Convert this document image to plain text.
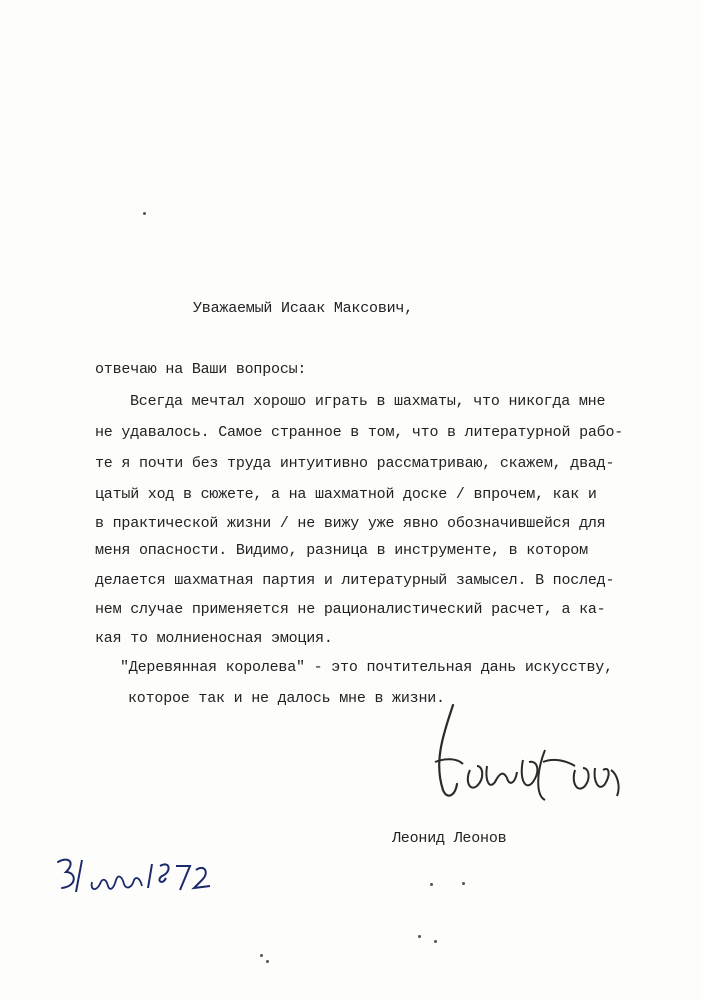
Уважаемый Исаак Максович,
отвечаю на Ваши вопросы:
Всегда мечтал хорошо играть в шахматы, что никогда мне
не удавалось. Самое странное в том, что в литературной рабо-
те я почти без труда интуитивно рассматриваю, скажем, двад-
цатый ход в сюжете, а на шахматной доске / впрочем, как и
в практической жизни / не вижу уже явно обозначившейся для
меня опасности. Видимо, разница в инструменте, в котором
делается шахматная партия и литературный замысел. В послед-
нем случае применяется не рационалистический расчет, а ка-
кая то молниеносная эмоция.
"Деревянная королева" - это почтительная дань искусству,
которое так и не далось мне в жизни.
Леонид Леонов
